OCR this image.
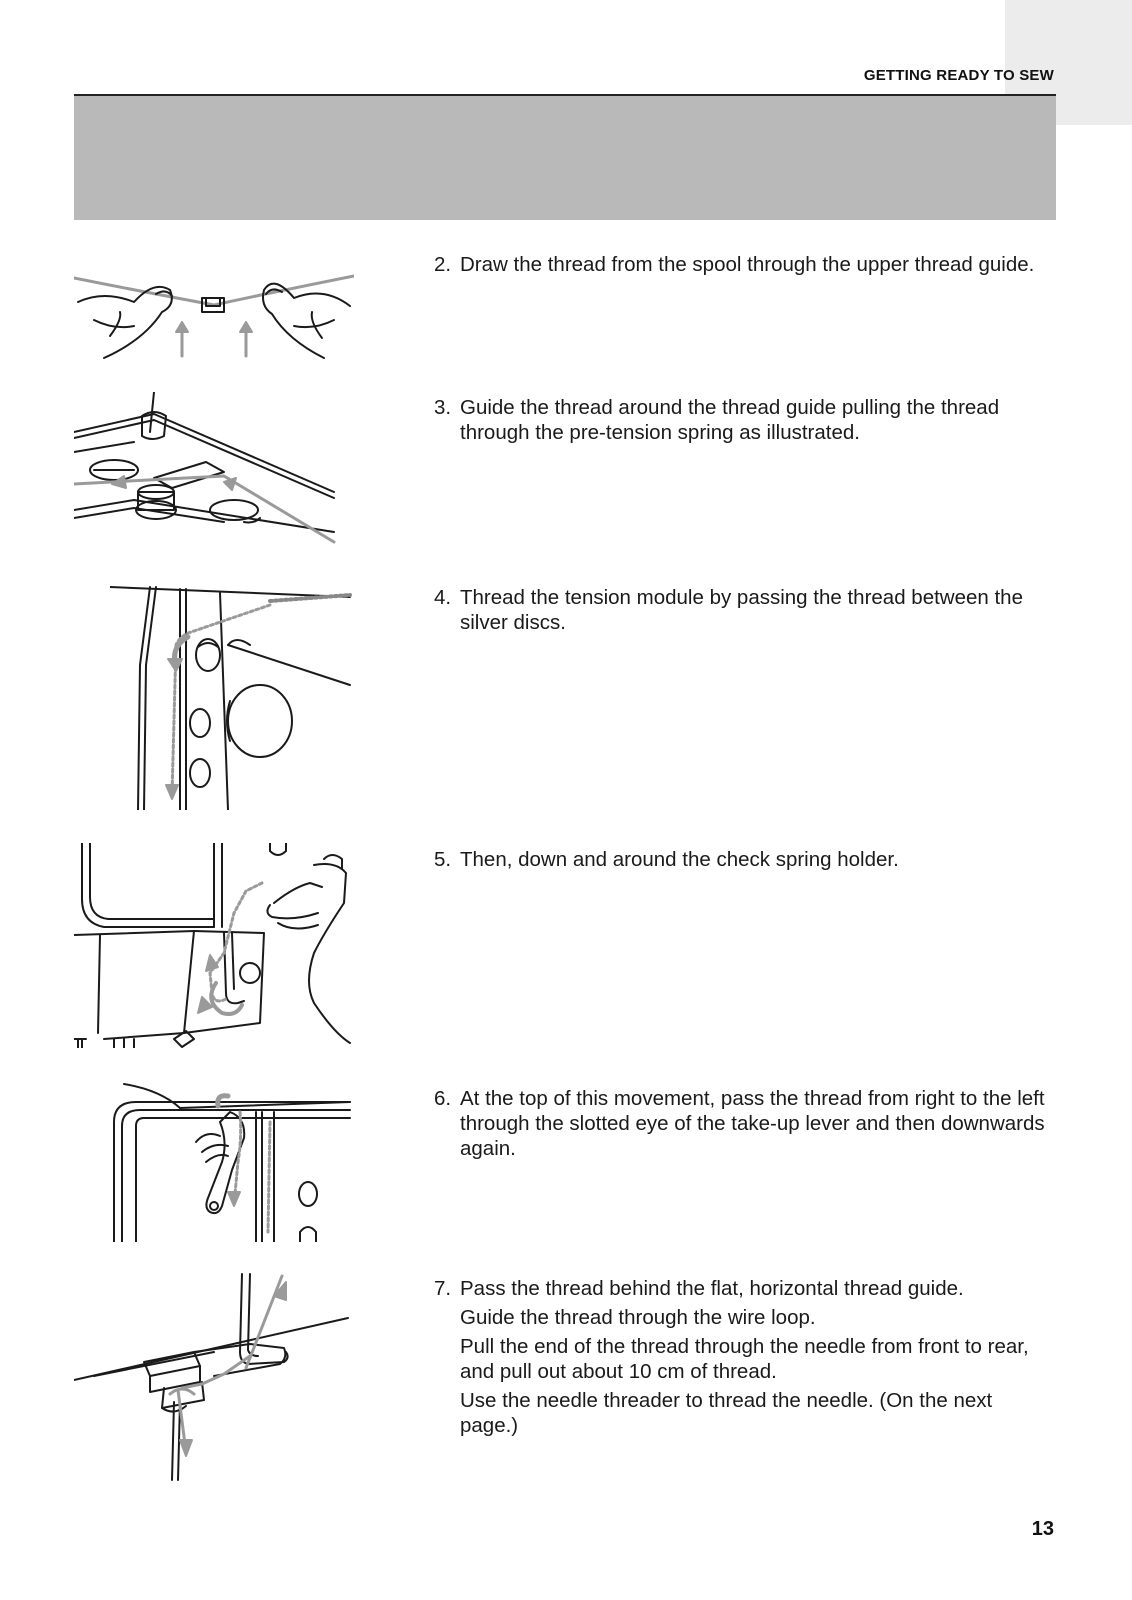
GETTING READY TO SEW
2. Draw the thread from the spool through the upper thread guide.

3. Guide the thread around the thread guide pulling the thread through the pre-tension spring as illustrated.

4. Thread the tension module by passing the thread between the silver discs.

5. Then, down and around the check spring holder.

6. At the top of this movement, pass the thread from right to the left through the slotted eye of the take-up lever and then downwards again.

7. Pass the thread behind the flat, horizontal thread guide.

Guide the thread through the wire loop.

Pull the end of the thread through the needle from front to rear, and pull out about 10 cm of thread.

Use the needle threader to thread the needle. (On the next page.)

13
